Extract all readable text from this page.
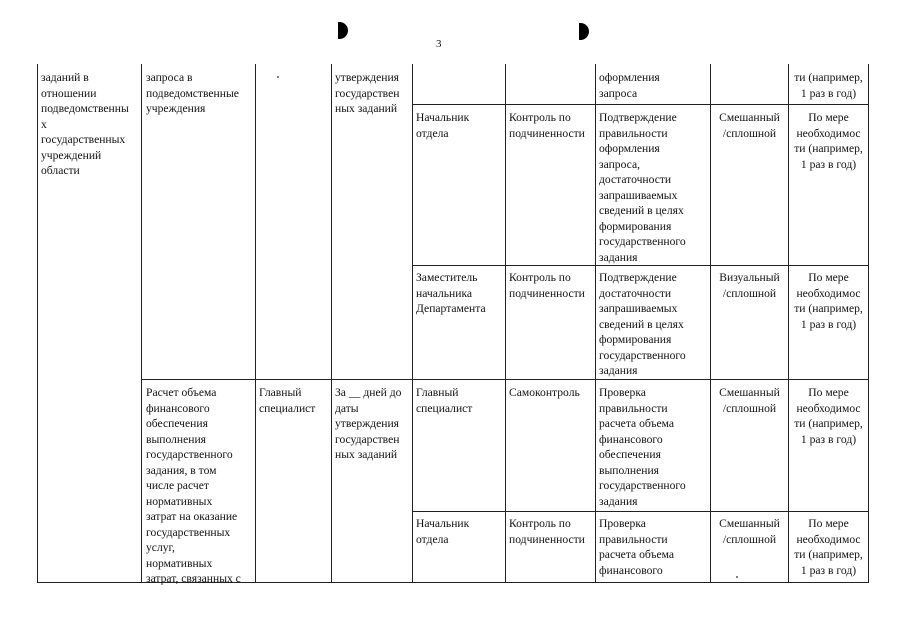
3
заданий в
отношении
подведомственны
х
государственных
учреждений
области
запроса в
подведомственные
учреждения
утверждения
государствен
ных заданий
оформления
запроса
ти (например,
1 раз в год)
Начальник
отдела
Контроль по
подчиненности
Подтверждение
правильности
оформления
запроса,
достаточности
запрашиваемых
сведений в целях
формирования
государственного
задания
Смешанный
/сплошной
По мере
необходимос
ти (например,
1 раз в год)
Заместитель
начальника
Департамента
Контроль по
подчиненности
Подтверждение
достаточности
запрашиваемых
сведений в целях
формирования
государственного
задания
Визуальный
/сплошной
По мере
необходимос
ти (например,
1 раз в год)
Расчет объема
финансового
обеспечения
выполнения
государственного
задания, в том
числе расчет
нормативных
затрат на оказание
государственных
услуг,
нормативных
затрат, связанных с
Главный
специалист
За __ дней до
даты
утверждения
государствен
ных заданий
Главный
специалист
Самоконтроль	Проверка
правильности
расчета объема
финансового
обеспечения
выполнения
государственного
задания
Смешанный
/сплошной
По мере
необходимос
ти (например,
1 раз в год)
Начальник
отдела
Контроль по
подчиненности
Проверка
правильности
расчета объема
финансового
Смешанный
/сплошной
По мере
необходимос
ти (например,
1 раз в год)
